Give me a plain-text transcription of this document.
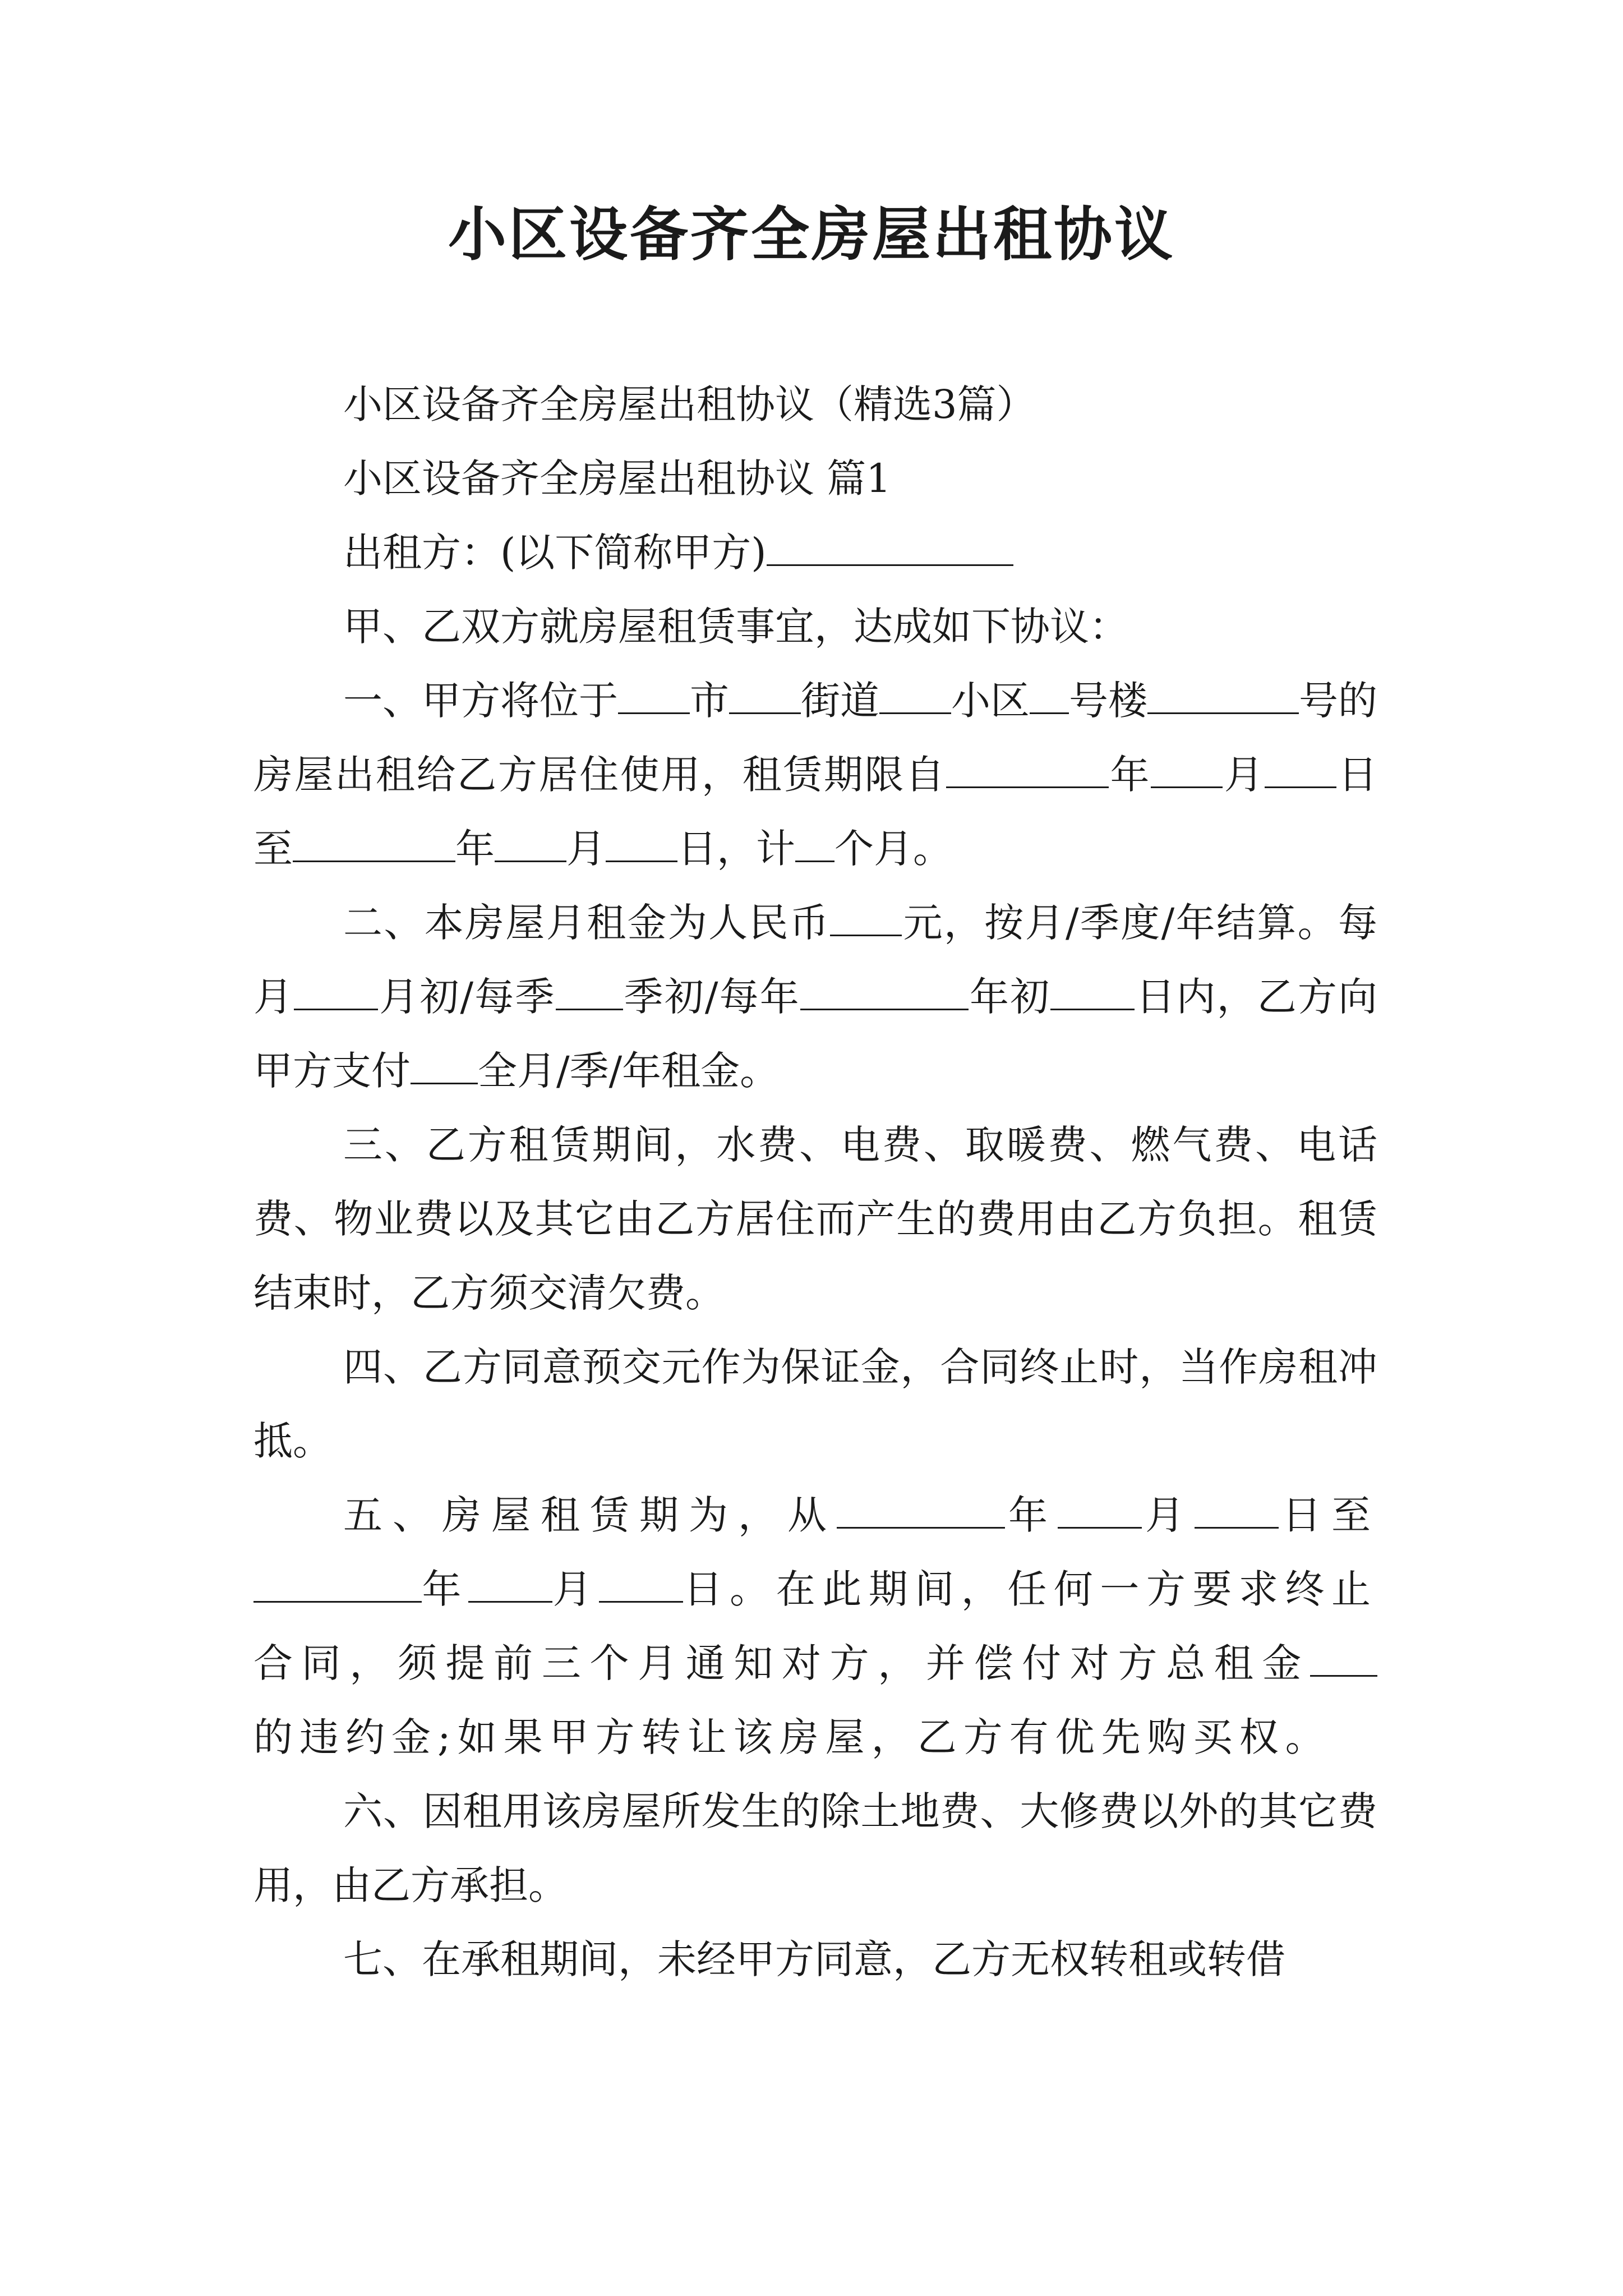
小区设备齐全房屋出租协议

小区设备齐全房屋出租协议（精选3篇）

小区设备齐全房屋出租协议 篇1

出租方：(以下简称甲方)

甲、乙双方就房屋租赁事宜，达成如下协议：

一、甲方将位于 市 街道 小区 号楼	号的房屋出租给乙方居住使用，租赁期限自	年 月 日至	年 月 日，计 个月。

二、本房屋月租金为人民币 元，按月/季度/年结算。每月 月初/每季 季初/每年	年初 日内，乙方向甲方支付 全月/季/年租金。

三、乙方租赁期间，水费、电费、取暖费、燃气费、电话费、物业费以及其它由乙方居住而产生的费用由乙方负担。租赁结束时，乙方须交清欠费。

四、乙方同意预交元作为保证金，合同终止时，当作房租冲抵。

五、房屋租赁期为，从	年 月 日至年 月 日。在此期间，任何一方要求终止合同，须提前三个月通知对方，并偿付对方总租金的违约金;如果甲方转让该房屋，乙方有优先购买权。

六、因租用该房屋所发生的除土地费、大修费以外的其它费用，由乙方承担。

七、在承租期间，未经甲方同意，乙方无权转租或转借
